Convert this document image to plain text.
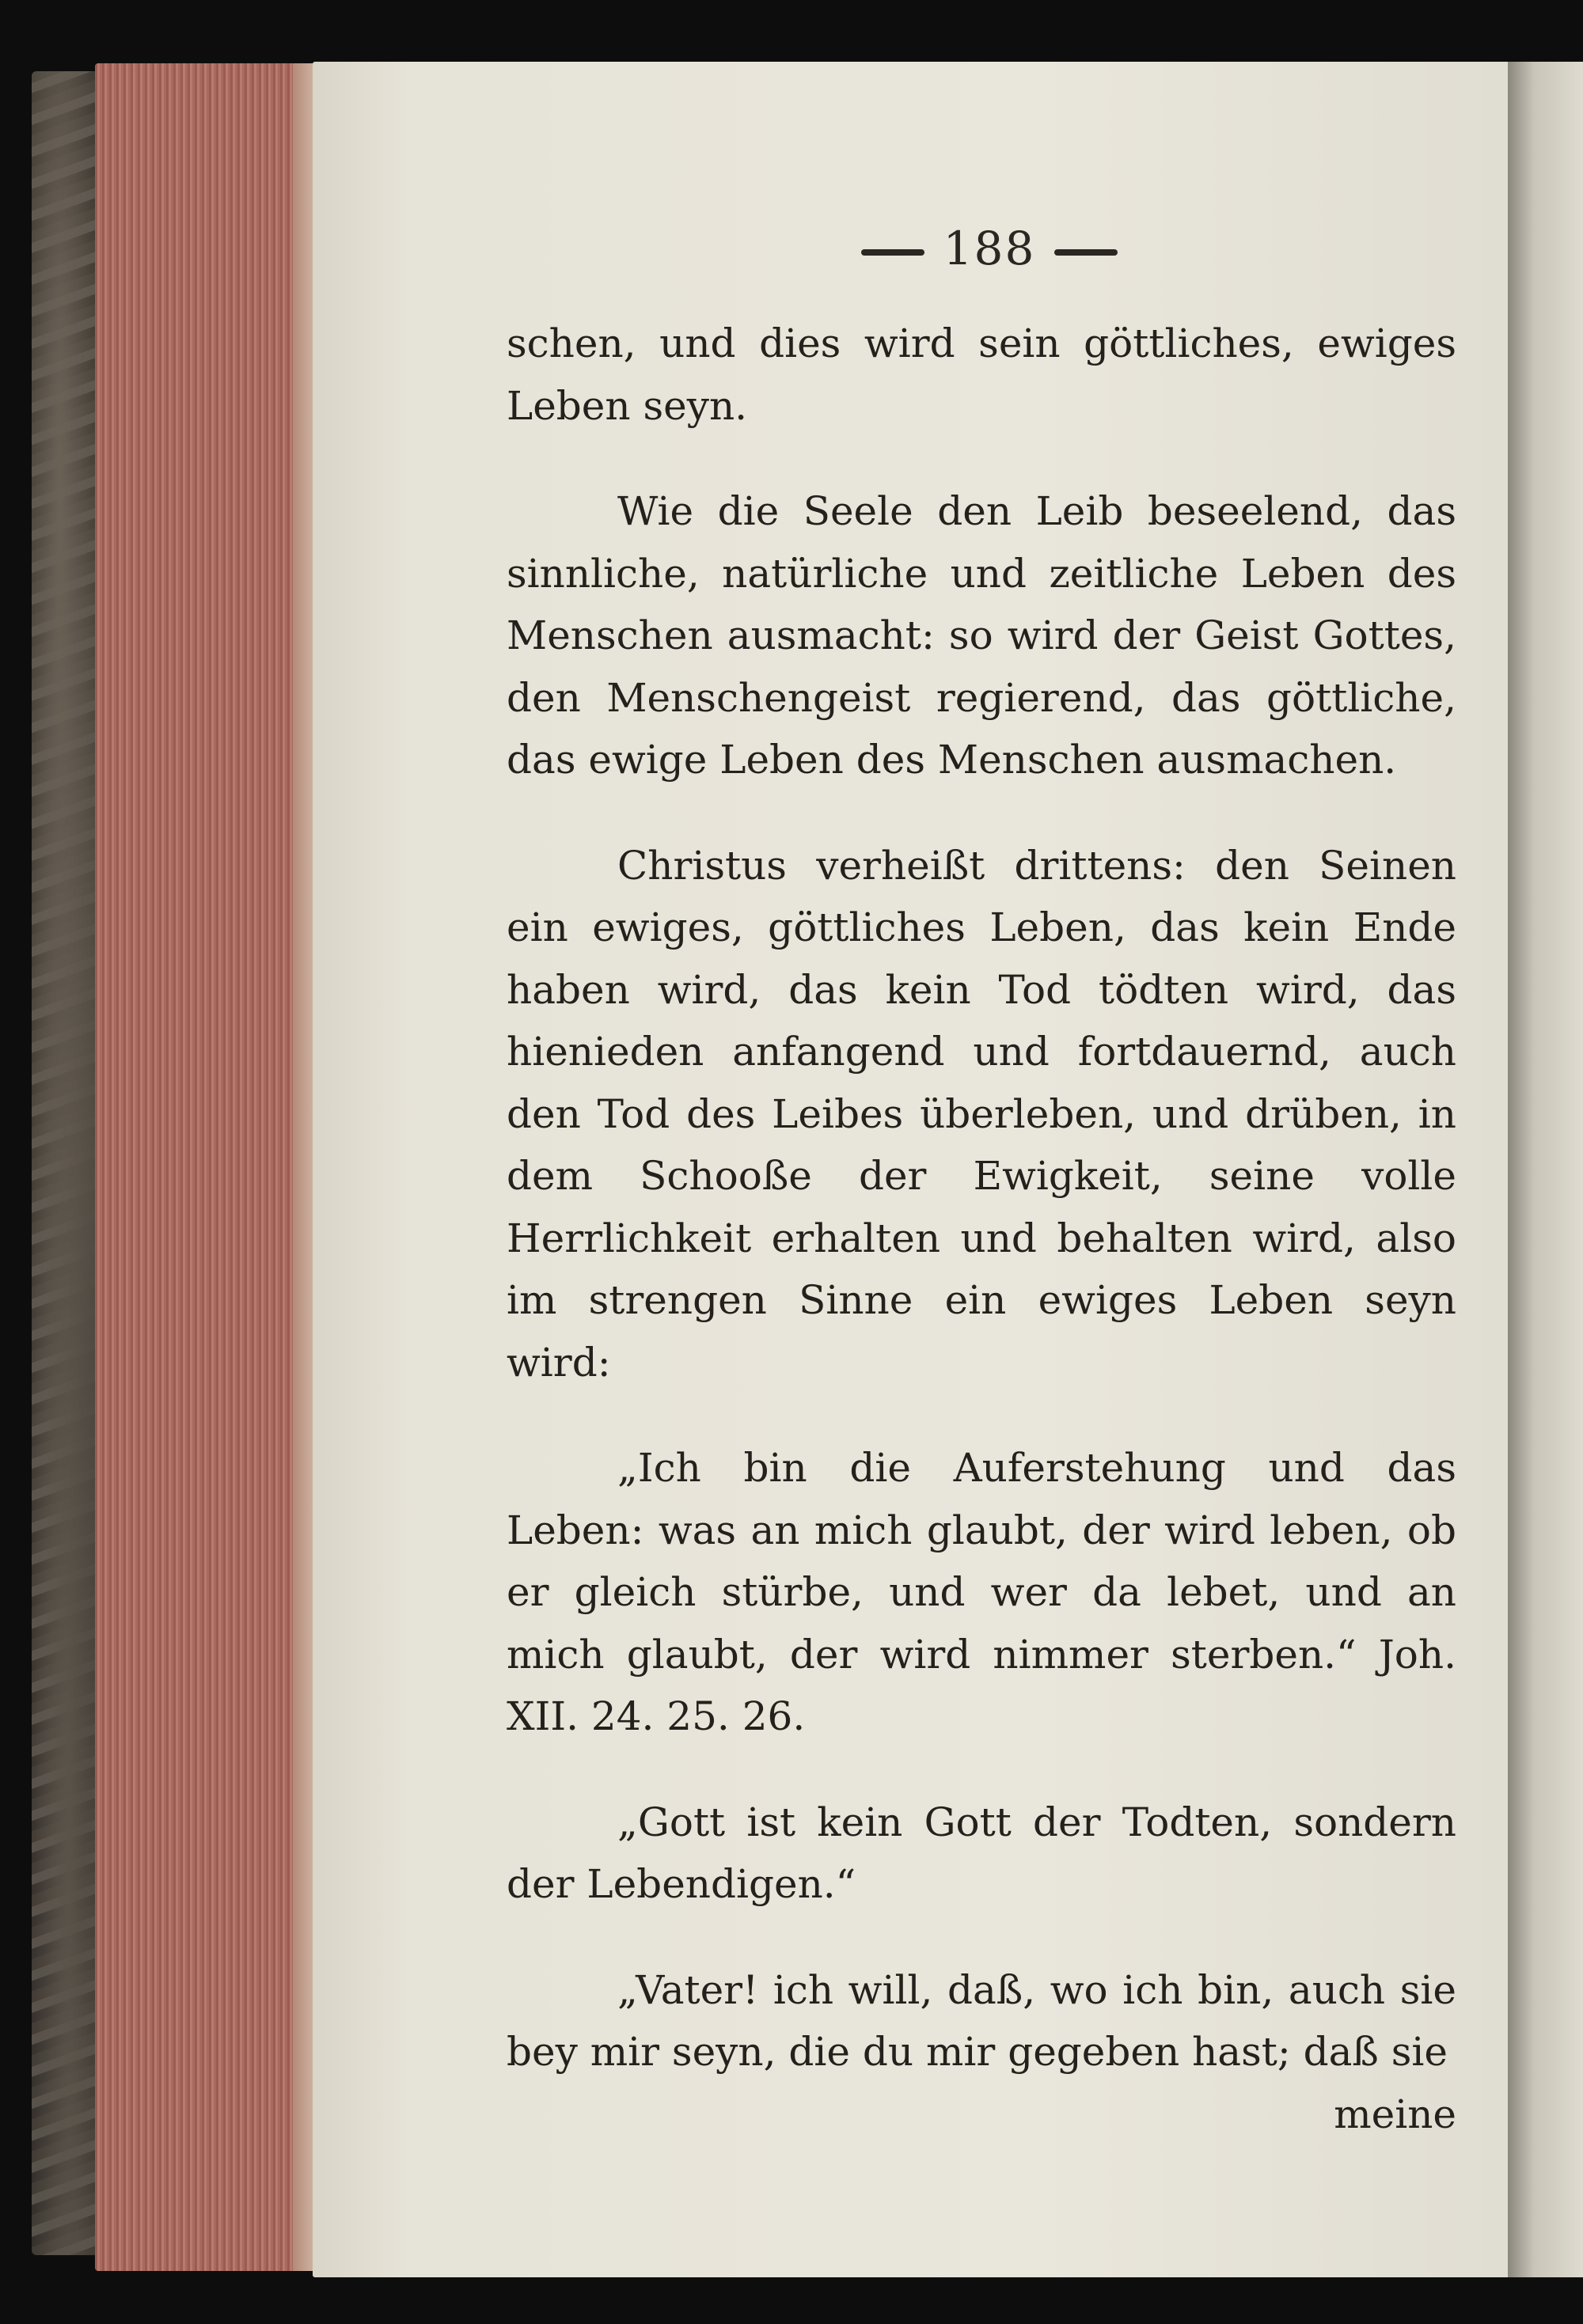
188

schen, und dies wird sein göttliches, ewiges Leben seyn.

Wie die Seele den Leib beseelend, das sinnliche, natürliche und zeitliche Leben des Menschen ausmacht: so wird der Geist Gottes, den Menschengeist regierend, das göttliche, das ewige Leben des Menschen ausmachen.

Christus verheißt drittens: den Seinen ein ewiges, göttliches Leben, das kein Ende haben wird, das kein Tod tödten wird, das hienieden anfangend und fortdauernd, auch den Tod des Leibes überleben, und drüben, in dem Schooße der Ewigkeit, seine volle Herrlichkeit erhalten und behalten wird, also im strengen Sinne ein ewiges Leben seyn wird:

„Ich bin die Auferstehung und das Leben: was an mich glaubt, der wird leben, ob er gleich stürbe, und wer da lebet, und an mich glaubt, der wird nimmer sterben.“ Joh. XII. 24. 25. 26.

„Gott ist kein Gott der Todten, sondern der Lebendigen.“

„Vater! ich will, daß, wo ich bin, auch sie bey mir seyn, die du mir gegeben hast; daß sie

meine
